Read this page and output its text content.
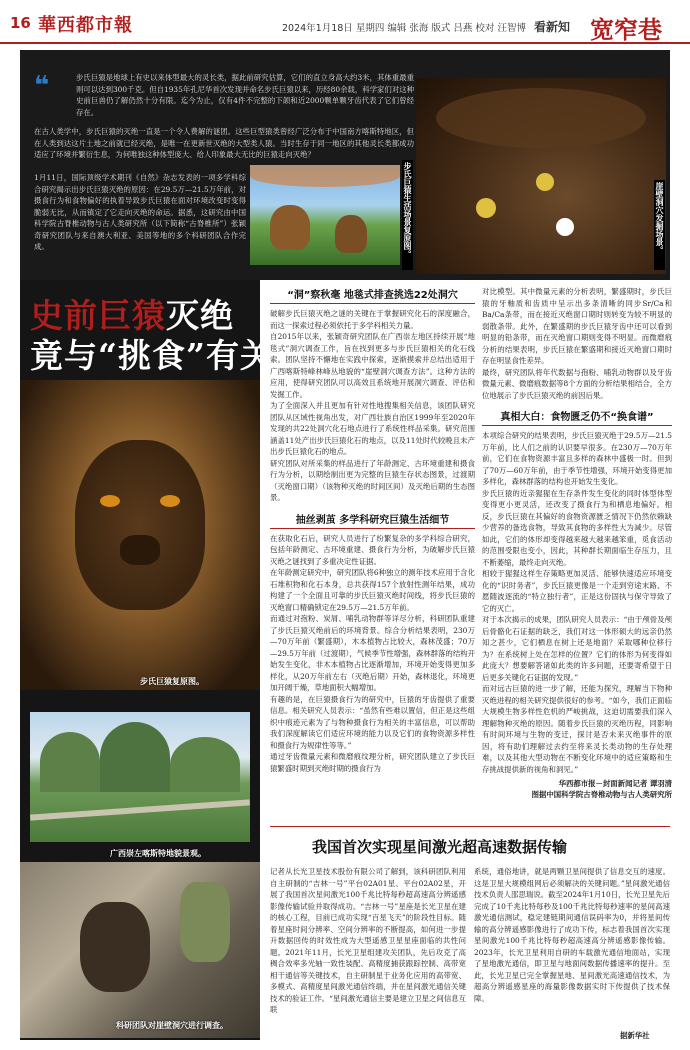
16 華西都市報	2024年1月18日 星期四 编辑 张海 版式 吕燕 校对 汪智博 看新知 宽窄巷
❝	步氏巨猿是地球上有史以来体型最大的灵长类，据此前研究估算，它们的直立身高大约3米，其体重最重则可以达到300千克。但自1935年孔尼华首次发现并命名步氏巨猿以来，历经80余载，科学家们对这种史前巨兽仍了解仍然十分有限。迄今为止，仅有4件不完整的下颌和近2000颗单颗牙齿代表了它们曾经存在。
在古人类学中，步氏巨猿的灭绝一直是一个令人费解的谜团。这些巨型猿类曾经广泛分布于中国南方喀斯特地区，但在人类到达这片土地之前就已经灭绝，是唯一在更新世灭绝的大型类人猿。当时生存于同一地区的其他灵长类都成功适应了环境并繁衍生息，为何唯独这种体型庞大、给人印象最大无比的巨猿走向灭绝？
1月11日，国际顶级学术期刊《自然》杂志发表的一项多学科综合研究揭示出步氏巨猿灭绝的原因：在29.5万—21.5万年前，对摄食行为和食物偏好的执着导致步氏巨猿在面对环境改变时变得脆弱无比，从而镇定了它走向灭绝的命运。据悉，这研究由中国科学院古脊椎动物与古人类研究所（以下简称“古脊椎所”）张颖奇研究团队与来自澳大利亚、美国等地的多个科研团队合作完成。	步氏巨猿生活场景复原图。	崖壁洞穴发掘场景。
史前巨猿灭绝
竟与“挑食”有关
步氏巨猿复原图。
广西崇左喀斯特地貌景观。
科研团队对崖壁洞穴进行调查。
“洞”察秋毫 地毯式排查挑选22处洞穴
破解步氏巨猿灭绝之谜的关键在于掌握研究化石的深度融合，而这一探索过程必须依托于多学科相关力量。
自2015年以来，张颖奇研究团队在广西崇左地区持续开展“地毯式”洞穴调查工作，旨在找到更多与步氏巨猿相关的化石线索。团队坚持不懈地在实践中探索，逐渐摸索并总结出适用于广西喀斯特峰林峰丛地貌的“崖壁洞穴调查方法”。这种方法的应用，使得研究团队可以高效且系统地开展洞穴调查、评估和发掘工作。
为了全面深入并且更加有针对性地搜集相关信息，该团队研究团队从区域性视角出发，对广西壮族自治区1999年至2020年发现的共22处洞穴化石地点进行了系统性样品采集。研究范围涵盖11处产出步氏巨猿化石的地点，以及11处时代较晚且未产出步氏巨猿化石的地点。
研究团队对所采集的样品进行了年龄测定、古环境重建和摄食行为分析，以期绘制出更为完整的巨猿生存状态图景，过渡期（灭绝窗口期）（该物种灭绝的时间区间）及灭绝后期的生态图景。
抽丝剥茧 多学科研究巨猿生活细节
在获取化石后，研究人员进行了纷繁复杂的多学科综合研究，包括年龄测定、古环境重建、摄食行为分析，为破解步氏巨猿灭绝之谜找到了多重决定性证据。
在年龄测定研究中，研究团队将6种独立的测年技术应用于含化石堆积物和化石本身，总共获得157个放射性测年结果，成功构建了一个全面且可靠的步氏巨猿灭绝时间线，将步氏巨猿的灭绝窗口精确锁定在29.5万—21.5万年前。
而通过对孢粉、炭屑、哺乳动物群等详尽分析，科研团队重建了步氏巨猿灭绝前后的环境背景。综合分析结果表明，230万—70万年前（繁盛期），木本植物占比较大，森林茂盛；70万—29.5万年前（过渡期），气候季节性增强，森林群落的结构开始发生变化，非木本植物占比逐渐增加，环境开始变得更加多样化，从20万年前左右（灭绝后期）开始，森林退化，环境更加开阔干燥，草地面积大幅增加。
有趣的是，在巨猿摄食行为的研究中，巨猿的牙齿提供了重要信息。相关研究人员表示：“虽然有些难以置信，但正是这些组织中痕迹元素为了与物种摄食行为相关的丰富信息，可以帮助我们深度解读它们适应环境的能力以及它们的食物资源多样性和摄食行为规律性等等。”
通过牙齿微量元素和微磨痕纹理分析，研究团队建立了步氏巨猿繁盛时期到灭绝时期的摄食行为
对比模型。其中微量元素的分析表明，繁盛期时，步氏巨猿的牙釉质和齿质中呈示出多条清晰的同步Sr/Ca和Ba/Ca条带，而在接近灭绝窗口期时则转变为较不明显的弱散条带。此外，在繁盛期的步氏巨猿牙齿中还可以看到明显的铅条带，而在灭绝窗口期则变得不明显。而微磨痕分析的结果表明，步氏巨猿在繁盛期和接近灭绝窗口期时存在明显食性差异。
最终，研究团队将年代数据与孢粉、哺乳动物群以及牙齿微量元素、微磨痕数据等8个方面的分析结果相结合，全方位地展示了步氏巨猿灭绝的前因后果。
真相大白：食物匮乏仍不“换食谱”
本项综合研究的结果表明，步氏巨猿灭绝于29.5万—21.5万年前，比人们之前的认识要早很多。在230万—70万年前，它们在食物资源丰富且多样的森林中盛极一时。但到了70万—60万年前，由于季节性增强，环境开始变得更加多样化，森林群落的结构也开始发生变化。
步氏巨猿的近亲猩猩在生存条件发生变化的同时体型体型变得更小更灵活，还改变了摄食行为和栖息地偏好。相反，步氏巨猿在其偏好的食物资源匮乏情况下仍然依赖缺少营养的备选食物，导致其食物的多样性大为减少。尽管如此，它们的体形却变得越来越大越来越笨重，觅食活动的范围受限也变小，因此，其种群长期面临生存压力，且不断萎缩，最终走向灭绝。
相较于猩猩这样生存策略更加灵活、能够快速适应环境变化的“识时务者”，步氏巨猿更像是一个走到穷途末路、不愿随波逐流的“特立独行者”，正是这份固执与保守导致了它的灭亡。
对于本次揭示的成果，团队研究人员表示：“由于颅骨及颅后骨骼化石证据的缺乏，我们对这一体形硕大的远亲仍然知之甚少，它们栖息在树上还是地面？采取哪种位移行为？在系统树上处在怎样的位置？它们的体形为何变得如此庞大？想要解答诸如此类的许多问题，还要寄希望于日后更多关键化石证据的发现。”
而对远古巨猿的进一步了解，还能为探究，理解当下物种灭绝进程的相关研究提供很好的参考。“如今，我们正面临大规模生物多样性危机的严峻挑战，这迫切需要我们深入理解物种灭绝的原因。随着步氏巨猿的灭绝历程，同影响有时间环境与生物的变迁，探讨是否未来灭绝事件的原因，将有助们理解过去约至将来灵长类动物的生存处理难，以及其他大型动物在不断变化环境中的适应策略和生存挑战提供新的视角和洞见。”
华西都市报－封面新闻记者 谭羽清
图据中国科学院古脊椎动物与古人类研究所
我国首次实现星间激光超高速数据传输
记者从长光卫星技术股份有限公司了解到，该科研团队利用自主研制的“吉林一号”平台02A01星、平台02A02星，开展了我国首次星间激光100千兆比特每秒超高速高分辨遥感影像传输试验并取得成功。“吉林一号”星座是长光卫星在建的核心工程，目前已成功实现“百星飞天”的阶段性目标。随着星座时间分辨率、空间分辨率的不断提高，如何进一步提升数据回传的时效性成为大型遥感卫星星座面临的共性问题。2021年11月，长光卫星组建攻关团队，先后攻克了高稠合效率多光轴一致性装配、高精度捕获跟踪控制、高带宽相干通信等关键技术，自主研制星于业务化应用的高带宽、多模式、高精度星间激光通信终端，并在星间激光通信关键技术的验证工作。“星间激光通信主要是建立卫星之间信息互联
系统，通俗地讲，就是两颗卫星间提供了信息交互的速度。这是卫星大规模组网后必须解决的关键问题。”星间激光通信技术负责人邵思瑞说。截至2024年1月10日，长光卫星先后完成了10千兆比特每秒及100千兆比特每秒速率的星间高速激光通信测试，稳定建链期间通信误码率为0，并将星间传输的高分辨遥感影像进行了成功下传，标志着我国首次实现星间激光100千兆比特每秒超高速高分辨遥感影像传输。2023年，长光卫星利用自研的车载激光通信地面站，实现了星地激光通信，即卫星与地面间数据传播速率的提升。至此，长光卫星已完全掌握星地、星间激光高速通信技术，为超高分辨遥感星座的海量影像数据实时下传提供了技术保障。
据新华社
